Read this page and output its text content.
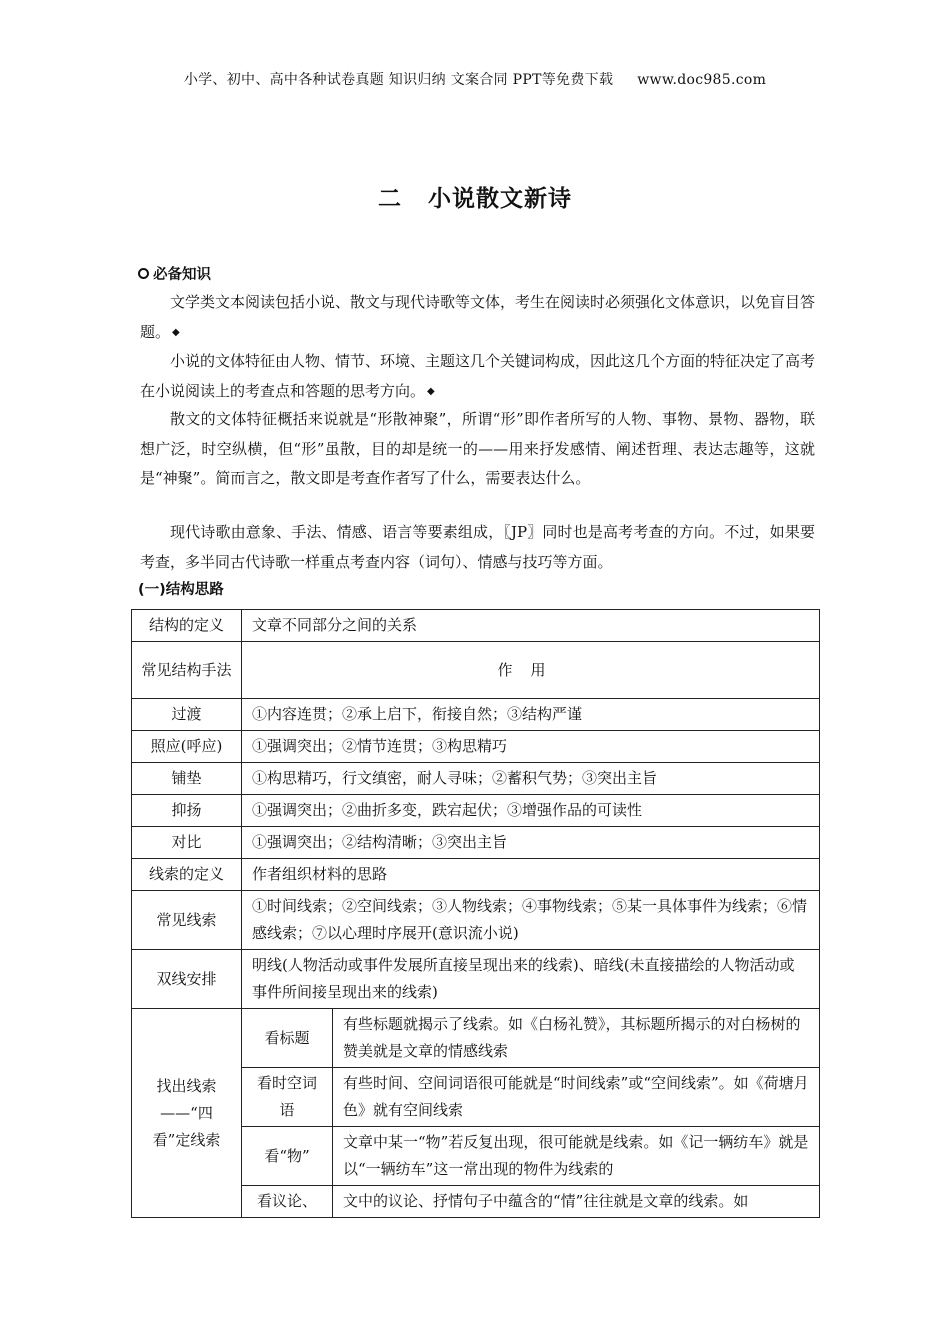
小学、初中、高中各种试卷真题 知识归纳 文案合同 PPT等免费下载 www.doc985.com
二 小说散文新诗
必备知识

文学类文本阅读包括小说、散文与现代诗歌等文体，考生在阅读时必须强化文体意识，以免盲目答题。 ◆

小说的文体特征由人物、情节、环境、主题这几个关键词构成，因此这几个方面的特征决定了高考在小说阅读上的考查点和答题的思考方向。 ◆

散文的文体特征概括来说就是“形散神聚”，所谓“形”即作者所写的人物、事物、景物、器物，联想广泛，时空纵横，但“形”虽散，目的却是统一的——用来抒发感情、阐述哲理、表达志趣等，这就是“神聚”。简而言之，散文即是考查作者写了什么，需要表达什么。

现代诗歌由意象、手法、情感、语言等要素组成，〖JP〗同时也是高考考查的方向。不过，如果要考查，多半同古代诗歌一样重点考查内容（词句）、情感与技巧等方面。

(一)结构思路
结构的定义	文章不同部分之间的关系	
常见结构手法	作用	
过渡	①内容连贯；②承上启下，衔接自然；③结构严谨	
照应(呼应)	①强调突出；②情节连贯；③构思精巧	
铺垫	①构思精巧，行文缜密，耐人寻味；②蓄积气势；③突出主旨	
抑扬	①强调突出；②曲折多变，跌宕起伏；③增强作品的可读性	
对比	①强调突出；②结构清晰；③突出主旨	
线索的定义	作者组织材料的思路	
常见线索	①时间线索；②空间线索；③人物线索；④事物线索；⑤某一具体事件为线索；⑥情感线索；⑦以心理时序展开(意识流小说)	
双线安排	明线(人物活动或事件发展所直接呈现出来的线索)、暗线(未直接描绘的人物活动或事件所间接呈现出来的线索)	
找出线索——“四看”定线索	看标题	有些标题就揭示了线索。如《白杨礼赞》，其标题所揭示的对白杨树的赞美就是文章的情感线索
	看时空词语	有些时间、空间词语很可能就是“时间线索”或“空间线索”。如《荷塘月色》就有空间线索
	看“物”	文章中某一“物”若反复出现，很可能就是线索。如《记一辆纺车》就是以“一辆纺车”这一常出现的物件为线索的
	看议论、	文中的议论、抒情句子中蕴含的“情”往往就是文章的线索。如
